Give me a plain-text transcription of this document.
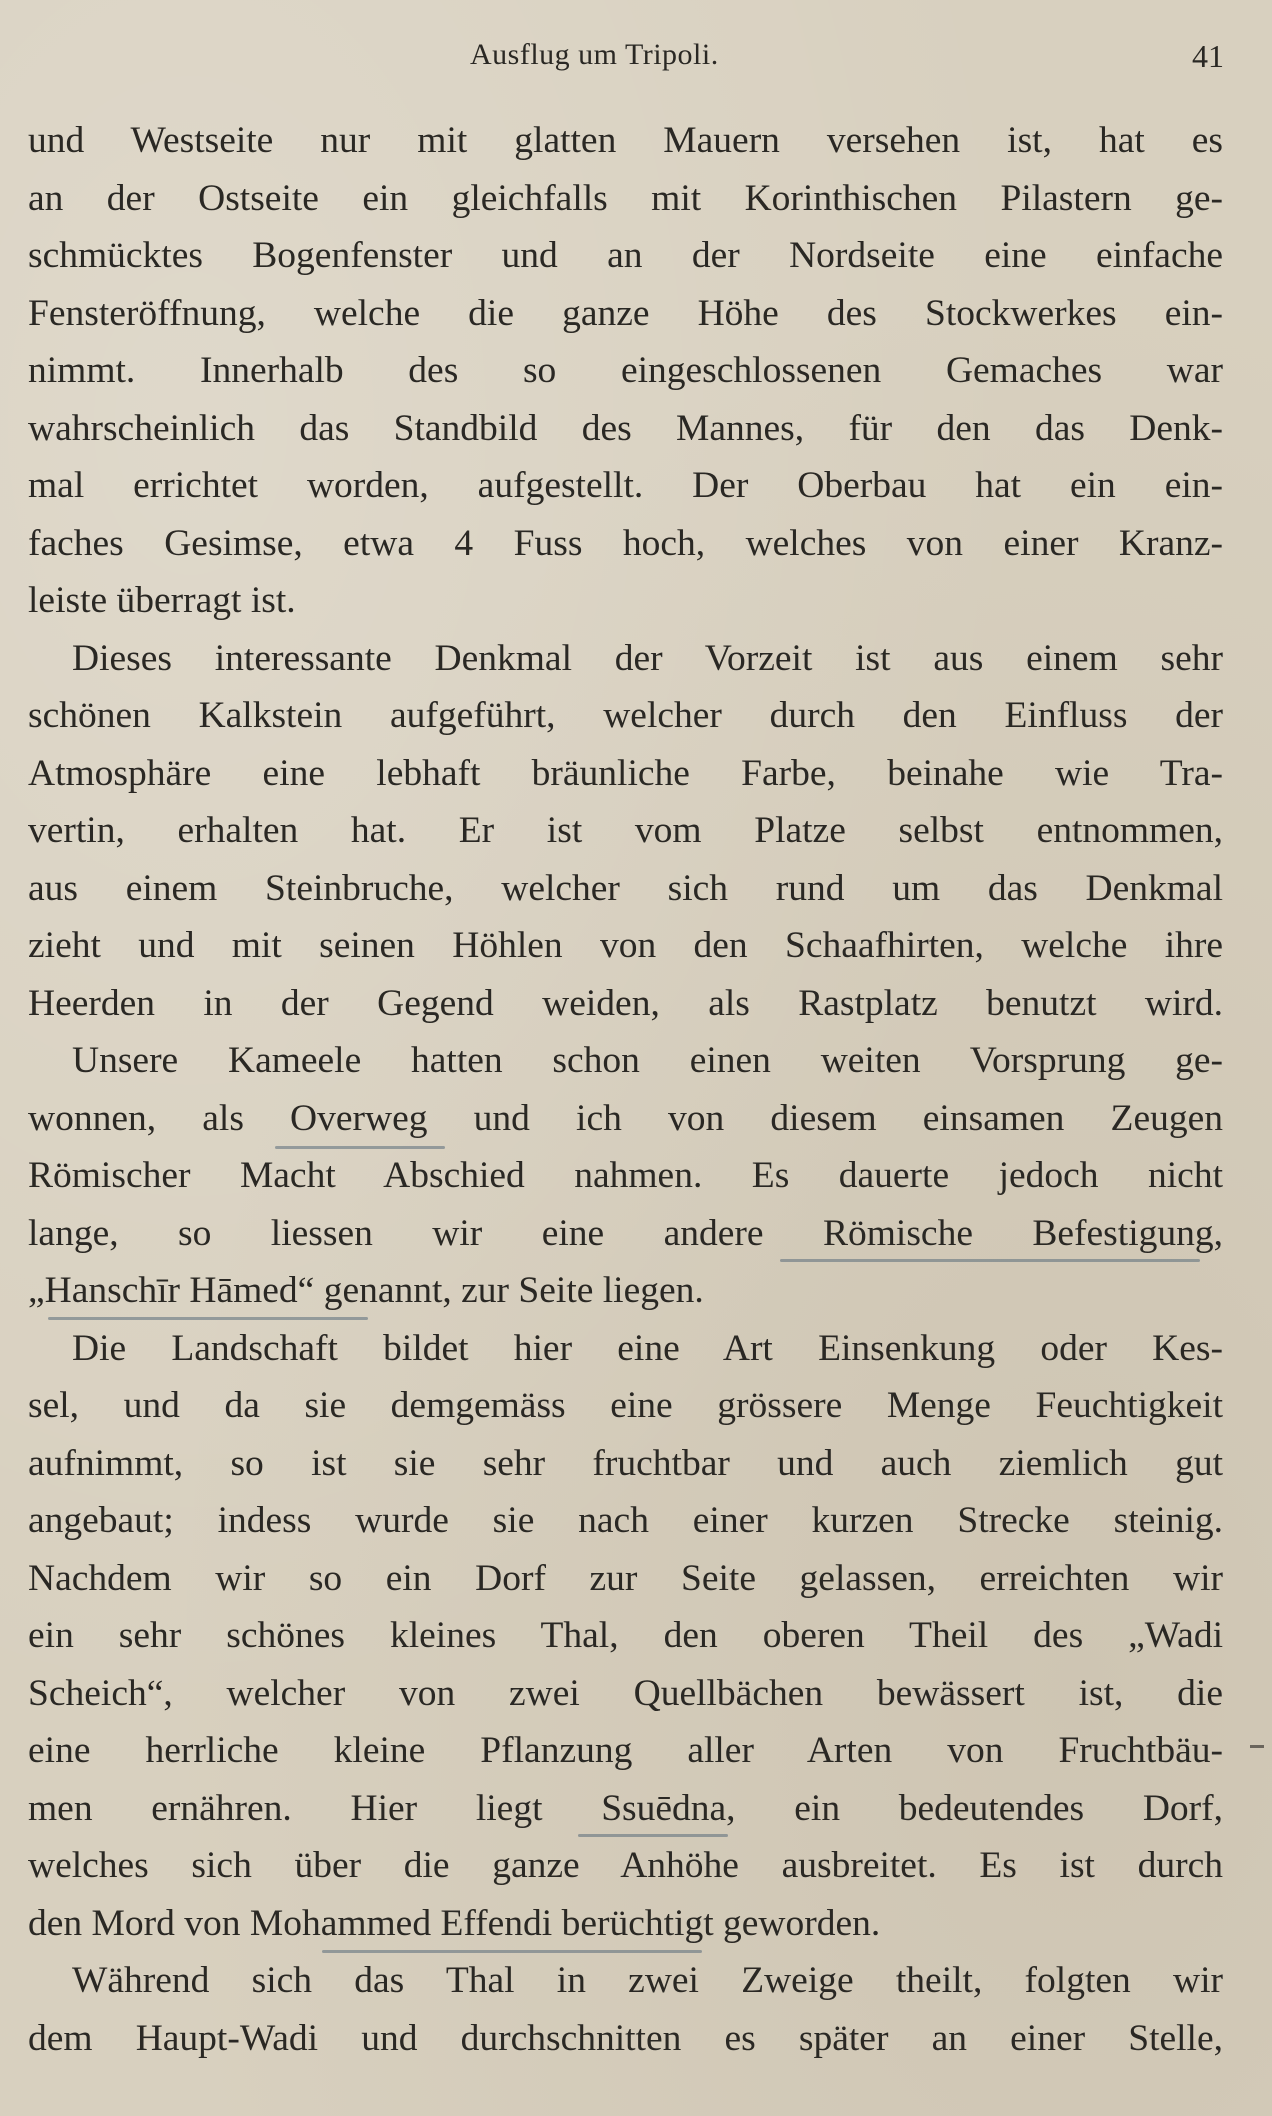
Ausflug um Tripoli.	41
und Westseite nur mit glatten Mauern versehen ist, hat es
an der Ostseite ein gleichfalls mit Korinthischen Pilastern ge-
schmücktes Bogenfenster und an der Nordseite eine einfache
Fensteröffnung, welche die ganze Höhe des Stockwerkes ein-
nimmt. Innerhalb des so eingeschlossenen Gemaches war
wahrscheinlich das Standbild des Mannes, für den das Denk-
mal errichtet worden, aufgestellt. Der Oberbau hat ein ein-
faches Gesimse, etwa 4 Fuss hoch, welches von einer Kranz-
leiste überragt ist.
Dieses interessante Denkmal der Vorzeit ist aus einem sehr
schönen Kalkstein aufgeführt, welcher durch den Einfluss der
Atmosphäre eine lebhaft bräunliche Farbe, beinahe wie Tra-
vertin, erhalten hat. Er ist vom Platze selbst entnommen,
aus einem Steinbruche, welcher sich rund um das Denkmal
zieht und mit seinen Höhlen von den Schaafhirten, welche ihre
Heerden in der Gegend weiden, als Rastplatz benutzt wird.
Unsere Kameele hatten schon einen weiten Vorsprung ge-
wonnen, als Overweg und ich von diesem einsamen Zeugen
Römischer Macht Abschied nahmen. Es dauerte jedoch nicht
lange, so liessen wir eine andere Römische Befestigung,
„Hanschīr Hāmed“ genannt, zur Seite liegen.
Die Landschaft bildet hier eine Art Einsenkung oder Kes-
sel, und da sie demgemäss eine grössere Menge Feuchtigkeit
aufnimmt, so ist sie sehr fruchtbar und auch ziemlich gut
angebaut; indess wurde sie nach einer kurzen Strecke steinig.
Nachdem wir so ein Dorf zur Seite gelassen, erreichten wir
ein sehr schönes kleines Thal, den oberen Theil des „Wadi
Scheich“, welcher von zwei Quellbächen bewässert ist, die
eine herrliche kleine Pflanzung aller Arten von Fruchtbäu-
men ernähren. Hier liegt Ssuēdna, ein bedeutendes Dorf,
welches sich über die ganze Anhöhe ausbreitet. Es ist durch
den Mord von Mohammed Effendi berüchtigt geworden.
Während sich das Thal in zwei Zweige theilt, folgten wir
dem Haupt-Wadi und durchschnitten es später an einer Stelle,
